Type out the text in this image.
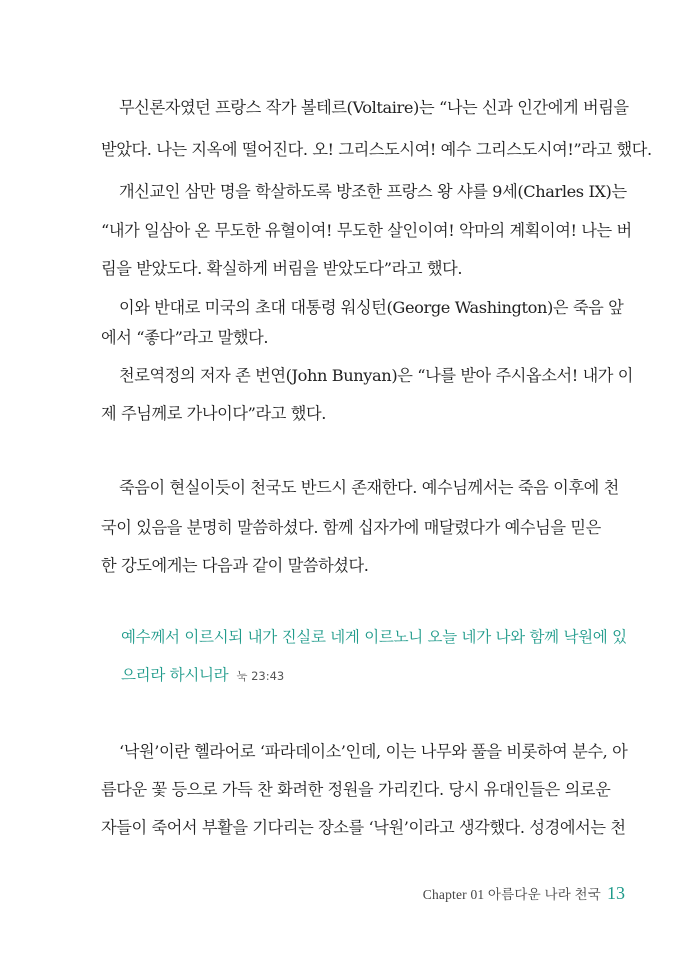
무신론자였던 프랑스 작가 볼테르(Voltaire)는 “나는 신과 인간에게 버림을
받았다. 나는 지옥에 떨어진다. 오! 그리스도시여! 예수 그리스도시여!”라고 했다.
개신교인 삼만 명을 학살하도록 방조한 프랑스 왕 샤를 9세(Charles IX)는
“내가 일삼아 온 무도한 유혈이여! 무도한 살인이여! 악마의 계획이여! 나는 버
림을 받았도다. 확실하게 버림을 받았도다”라고 했다.
이와 반대로 미국의 초대 대통령 워싱턴(George Washington)은 죽음 앞
에서 “좋다”라고 말했다.
천로역정의 저자 존 번연(John Bunyan)은 “나를 받아 주시옵소서! 내가 이
제 주님께로 가나이다”라고 했다.
죽음이 현실이듯이 천국도 반드시 존재한다. 예수님께서는 죽음 이후에 천
국이 있음을 분명히 말씀하셨다. 함께 십자가에 매달렸다가 예수님을 믿은
한 강도에게는 다음과 같이 말씀하셨다.
예수께서 이르시되 내가 진실로 네게 이르노니 오늘 네가 나와 함께 낙원에 있
으리라 하시니라 눅 23:43
‘낙원’이란 헬라어로 ‘파라데이소’인데, 이는 나무와 풀을 비롯하여 분수, 아
름다운 꽃 등으로 가득 찬 화려한 정원을 가리킨다. 당시 유대인들은 의로운
자들이 죽어서 부활을 기다리는 장소를 ‘낙원’이라고 생각했다. 성경에서는 천
Chapter 01 아름다운 나라 천국 13
